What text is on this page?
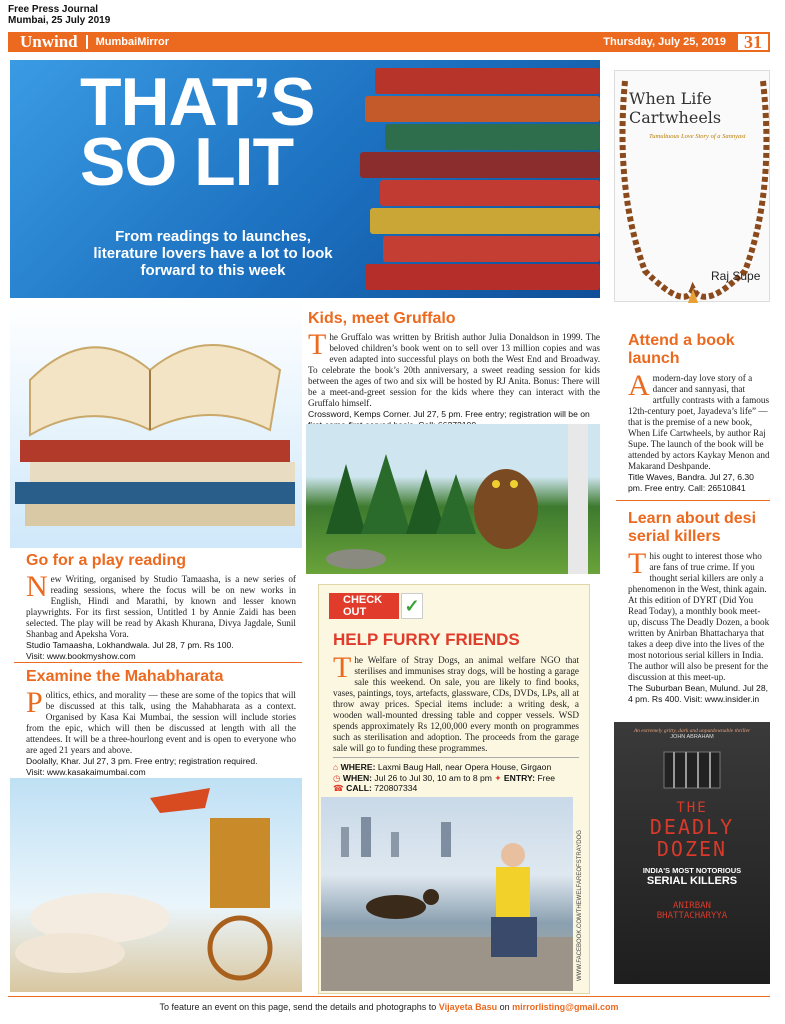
Free Press Journal
Mumbai, 25 July 2019
Unwind	MumbaiMirror	Thursday, July 25, 2019	31
THAT’S
SO LIT
From readings to launches, literature lovers have a lot to look forward to this week
When Life Cartwheels
Tumultuous Love Story of a Sannyasi
Raj Supe
Go for a play reading

New Writing, organised by Studio Tamaasha, is a new series of reading sessions, where the focus will be on new works in English, Hindi and Marathi, by known and lesser known playwrights. For its first session, Untitled 1 by Annie Zaidi has been selected. The play will be read by Akash Khurana, Divya Jagdale, Sunil Shanbag and Apeksha Vora.

Studio Tamaasha, Lokhandwala. Jul 28, 7 pm. Rs 100.

Visit: www.bookmyshow.com

Examine the Mahabharata

Politics, ethics, and morality — these are some of the topics that will be discussed at this talk, using the Mahabharata as a context. Organised by Kasa Kai Mumbai, the session will include stories from the epic, which will then be discussed at length with all the attendees. It will be a three-hourlong event and is open to everyone who are aged 21 years and above.

Doolally, Khar. Jul 27, 3 pm. Free entry; registration required.

Visit: www.kasakaimumbai.com

Kids, meet Gruffalo

The Gruffalo was written by British author Julia Donaldson in 1999. The beloved children’s book went on to sell over 13 million copies and was even adapted into successful plays on both the West End and Broadway. To celebrate the book’s 20th anniversary, a sweet reading session for kids between the ages of two and six will be hosted by RJ Anita. Bonus: There will be a meet-and-greet session for the kids where they can interact with the Gruffalo himself.

Crossword, Kemps Corner. Jul 27, 5 pm. Free entry; registration will be on

CHECK
OUT	✓
HELP FURRY FRIENDS

The Welfare of Stray Dogs, an animal welfare NGO that sterilises and immunises stray dogs, will be hosting a garage sale this weekend. On sale, you are likely to find books, vases, paintings, toys, artefacts, glassware, CDs, DVDs, LPs, all at throw away prices. Special items include: a writing desk, a wooden wall-mounted dressing table and copper vessels. WSD spends approximately Rs 12,00,000 every month on programmes such as sterilisation and adoption. The proceeds from the garage sale will go to funding these programmes.

⌂ WHERE: Laxmi Baug Hall, near Opera House, Girgaon

◷ WHEN: Jul 26 to Jul 30, 10 am to 8 pm ✦ ENTRY: Free

☎ CALL: 720807334

WWW.FACEBOOK.COM/THEWELFAREOFSTRAYDOG
Attend a book launch

Amodern-day love story of a dancer and sannyasi, that artfully contrasts with a famous 12th-century poet, Jayadeva’s life” — that is the premise of a new book, When Life Cartwheels, by author Raj Supe. The launch of the book will be attended by actors Kaykay Menon and Makarand Deshpande.

Title Waves, Bandra. Jul 27, 6.30 pm. Free entry. Call: 26510841

Learn about desi serial killers

This ought to interest those who are fans of true crime. If you thought serial killers are only a phenomenon in the West, think again. At this edition of DYRT (Did You Read Today), a monthly book meet-up, discuss The Deadly Dozen, a book written by Anirban Bhattacharya that takes a deep dive into the lives of the most notorious serial killers in India. The author will also be present for the discussion at this meet-up.

The Suburban Bean, Mulund. Jul 28, 4 pm. Rs 400. Visit: www.insider.in

An extremely gritty, dark and unputdownable thriller
JOHN ABRAHAM
THE
DEADLY
DOZEN
INDIA'S MOST NOTORIOUS
SERIAL KILLERS
ANIRBAN
BHATTACHARYYA
To feature an event on this page, send the details and photographs to Vijayeta Basu on mirrorlisting@gmail.com
